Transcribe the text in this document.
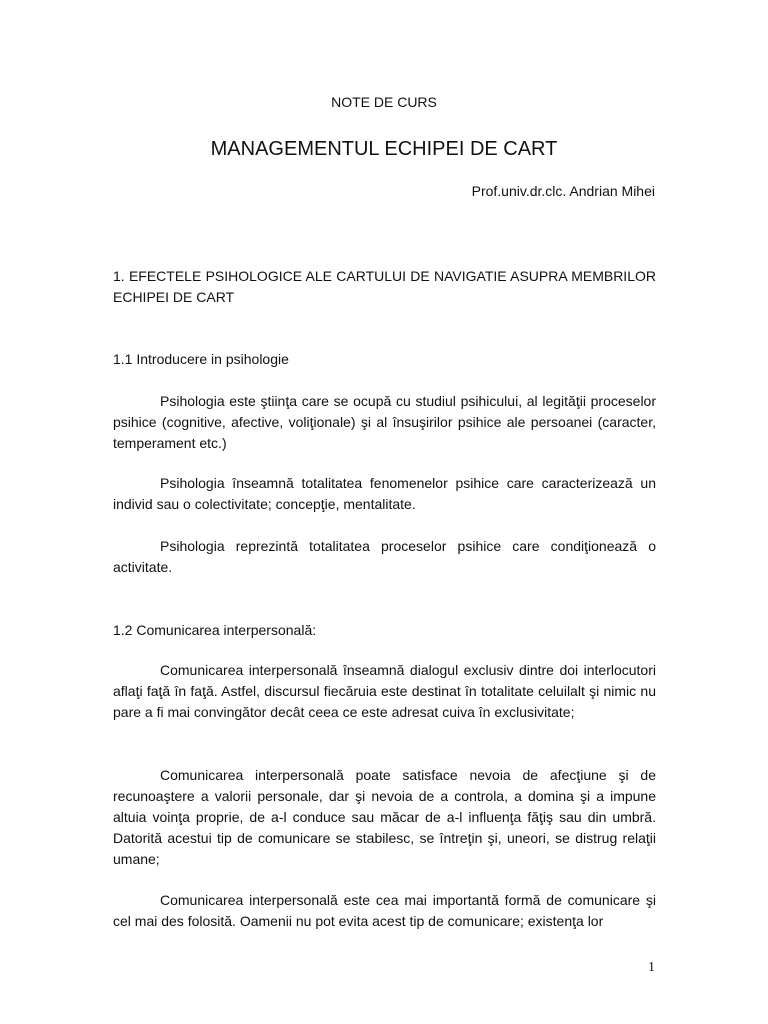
NOTE DE CURS
MANAGEMENTUL ECHIPEI DE CART
Prof.univ.dr.clc. Andrian Mihei
1. EFECTELE PSIHOLOGICE ALE CARTULUI DE NAVIGATIE ASUPRA MEMBRILOR ECHIPEI DE CART
1.1 Introducere in psihologie

Psihologia este ştiinţa care se ocupă cu studiul psihicului, al legităţii proceselor psihice (cognitive, afective, voliţionale) şi al însuşirilor psihice ale persoanei (caracter, temperament etc.)

Psihologia înseamnă totalitatea fenomenelor psihice care caracterizează un individ sau o colectivitate; concepţie, mentalitate.

Psihologia reprezintă totalitatea proceselor psihice care condiţionează o activitate.

1.2 Comunicarea interpersonală:

Comunicarea interpersonală înseamnă dialogul exclusiv dintre doi interlocutori aflaţi faţă în faţă. Astfel, discursul fiecăruia este destinat în totalitate celuilalt şi nimic nu pare a fi mai convingător decât ceea ce este adresat cuiva în exclusivitate;

Comunicarea interpersonală poate satisface nevoia de afecţiune şi de recunoaştere a valorii personale, dar şi nevoia de a controla, a domina şi a impune altuia voinţa proprie, de a-l conduce sau măcar de a-l influenţa făţiş sau din umbră. Datorită acestui tip de comunicare se stabilesc, se întreţin şi, uneori, se distrug relaţii umane;

Comunicarea interpersonală este cea mai importantă formă de comunicare şi cel mai des folosită. Oamenii nu pot evita acest tip de comunicare; existenţa lor

1
